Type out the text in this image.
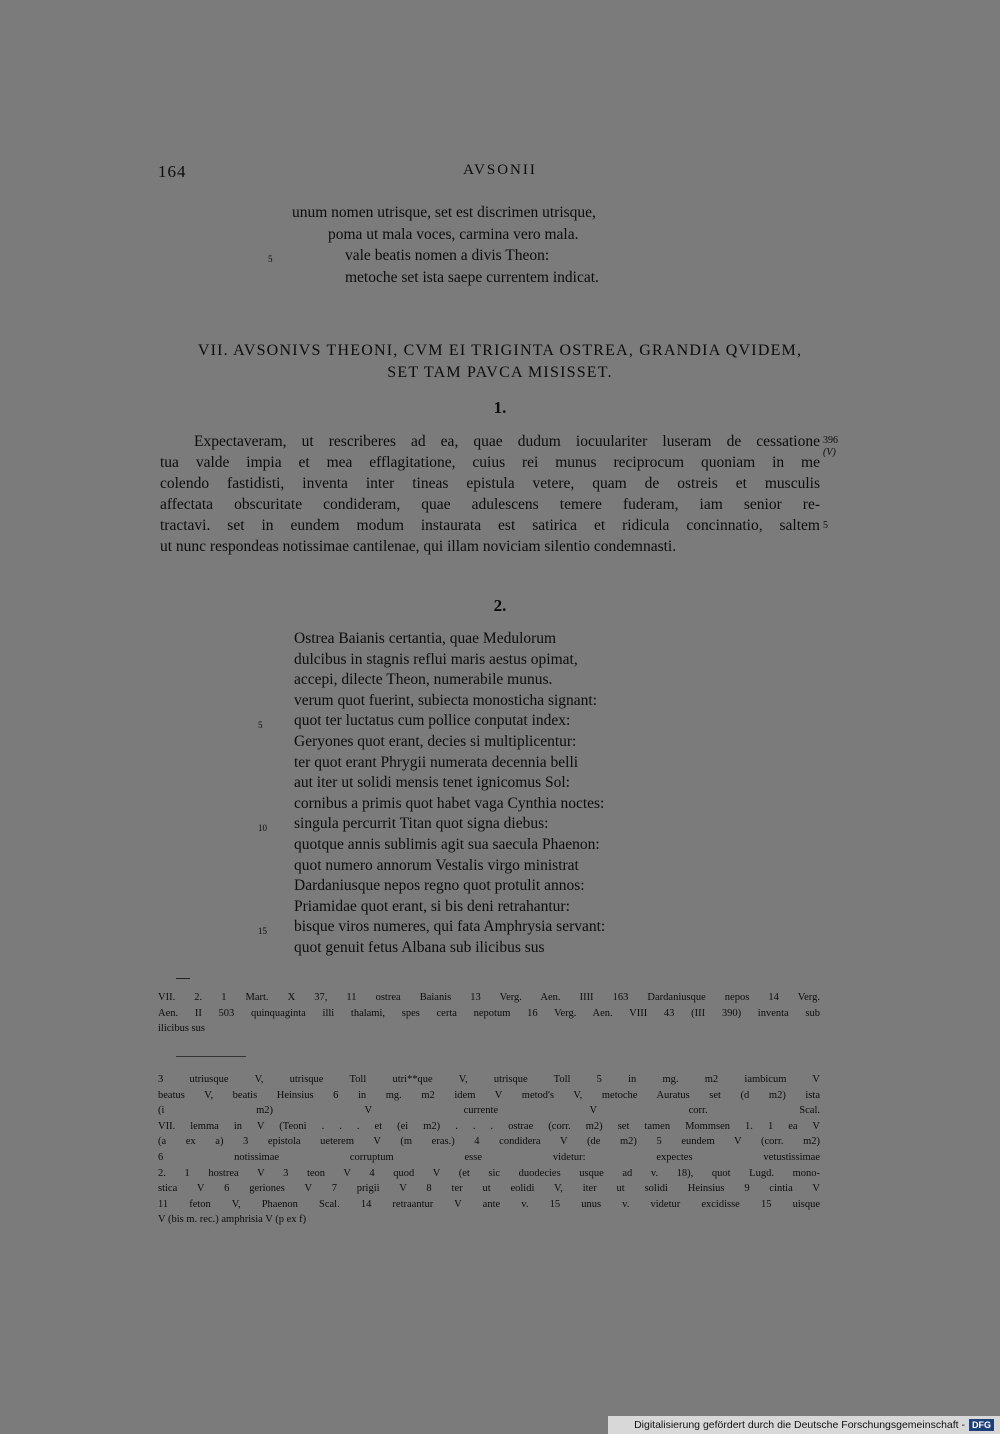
164	AVSONII
unum nomen utrisque, set est discrimen utrisque,
poma ut mala voces, carmina vero mala.
5	vale beatis nomen a divis Theon:
metoche set ista saepe currentem indicat.
VII. AVSONIVS THEONI, CVM EI TRIGINTA OSTREA, GRANDIA QVIDEM,
SET TAM PAVCA MISISSET.
1.
Expectaveram, ut rescriberes ad ea, quae dudum iocuulariter luseram de cessatione
tua valde impia et mea efflagitatione, cuius rei munus reciprocum quoniam in me
colendo fastidisti, inventa inter tineas epistula vetere, quam de ostreis et musculis
affectata obscuritate condideram, quae adulescens temere fuderam, iam senior re-
tractavi. set in eundem modum instaurata est satirica et ridicula concinnatio, saltem
ut nunc respondeas notissimae cantilenae, qui illam noviciam silentio condemnasti.
396
(V)
5
2.
Ostrea Baianis certantia, quae Medulorum
dulcibus in stagnis reflui maris aestus opimat,
accepi, dilecte Theon, numerabile munus.
verum quot fuerint, subiecta monosticha signant:
5 quot ter luctatus cum pollice conputat index:
Geryones quot erant, decies si multiplicentur:
ter quot erant Phrygii numerata decennia belli
aut iter ut solidi mensis tenet ignicomus Sol:
cornibus a primis quot habet vaga Cynthia noctes:
10 singula percurrit Titan quot signa diebus:
quotque annis sublimis agit sua saecula Phaenon:
quot numero annorum Vestalis virgo ministrat
Dardaniusque nepos regno quot protulit annos:
Priamidae quot erant, si bis deni retrahantur:
15 bisque viros numeres, qui fata Amphrysia servant:
quot genuit fetus Albana sub ilicibus sus
VII. 2. 1 Mart. X 37, 11 ostrea Baianis 13 Verg. Aen. IIII 163 Dardaniusque nepos 14 Verg.
Aen. II 503 quinquaginta illi thalami, spes certa nepotum 16 Verg. Aen. VIII 43 (III 390) inventa sub
ilicibus sus
3 utriusque V, utrisque Toll utri**que V, utrisque Toll 5 in mg. m2 iambicum V
beatus V, beatis Heinsius 6 in mg. m2 idem V metod's V, metoche Auratus set (d m2) ista
(i m2) V currente V corr. Scal.
VII. lemma in V (Teoni . . . et (ei m2) . . . ostrae (corr. m2) set tamen Mommsen 1. 1 ea V
(a ex a) 3 epistola ueterem V (m eras.) 4 condidera V (de m2) 5 eundem V (corr. m2)
6 notissimae corruptum esse videtur: expectes vetustissimae
2. 1 hostrea V 3 teon V 4 quod V (et sic duodecies usque ad v. 18), quot Lugd. mono-
stica V 6 geriones V 7 prigii V 8 ter ut eolidi V, iter ut solidi Heinsius 9 cintia V
11 feton V, Phaenon Scal. 14 retraantur V ante v. 15 unus v. videtur excidisse 15 uisque
V (bis m. rec.) amphrisia V (p ex f)
Digitalisierung gefördert durch die Deutsche Forschungsgemeinschaft - DFG
